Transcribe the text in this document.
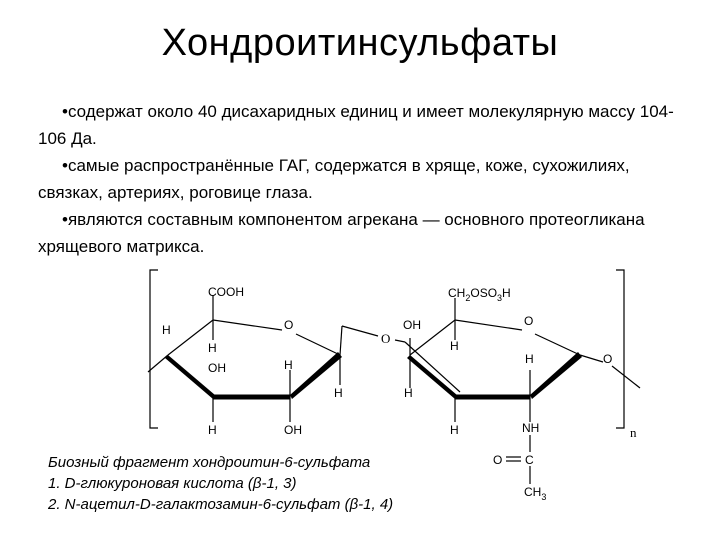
Хондроитинсульфаты

•содержат около 40 дисахаридных единиц и имеет молекулярную массу 104-106 Да.

•самые распространённые ГАГ, содержатся в хряще, коже, сухожилиях, связках, артериях, роговице глаза.

•являются составным компонентом агрекана — основного протеогликана хрящевого матрикса.

COOH
H	O
H
OH	H
H
H	OH
O
$CH_2OSO_3H$
OH	O
H
H
H
H	NH
O C
$CH_3$
O
n
Биозный фрагмент хондроитин-6-сульфата
1. D-глюкуроновая кислота (β-1, 3)
2. N-ацетил-D-галактозамин-6-сульфат (β-1, 4)
